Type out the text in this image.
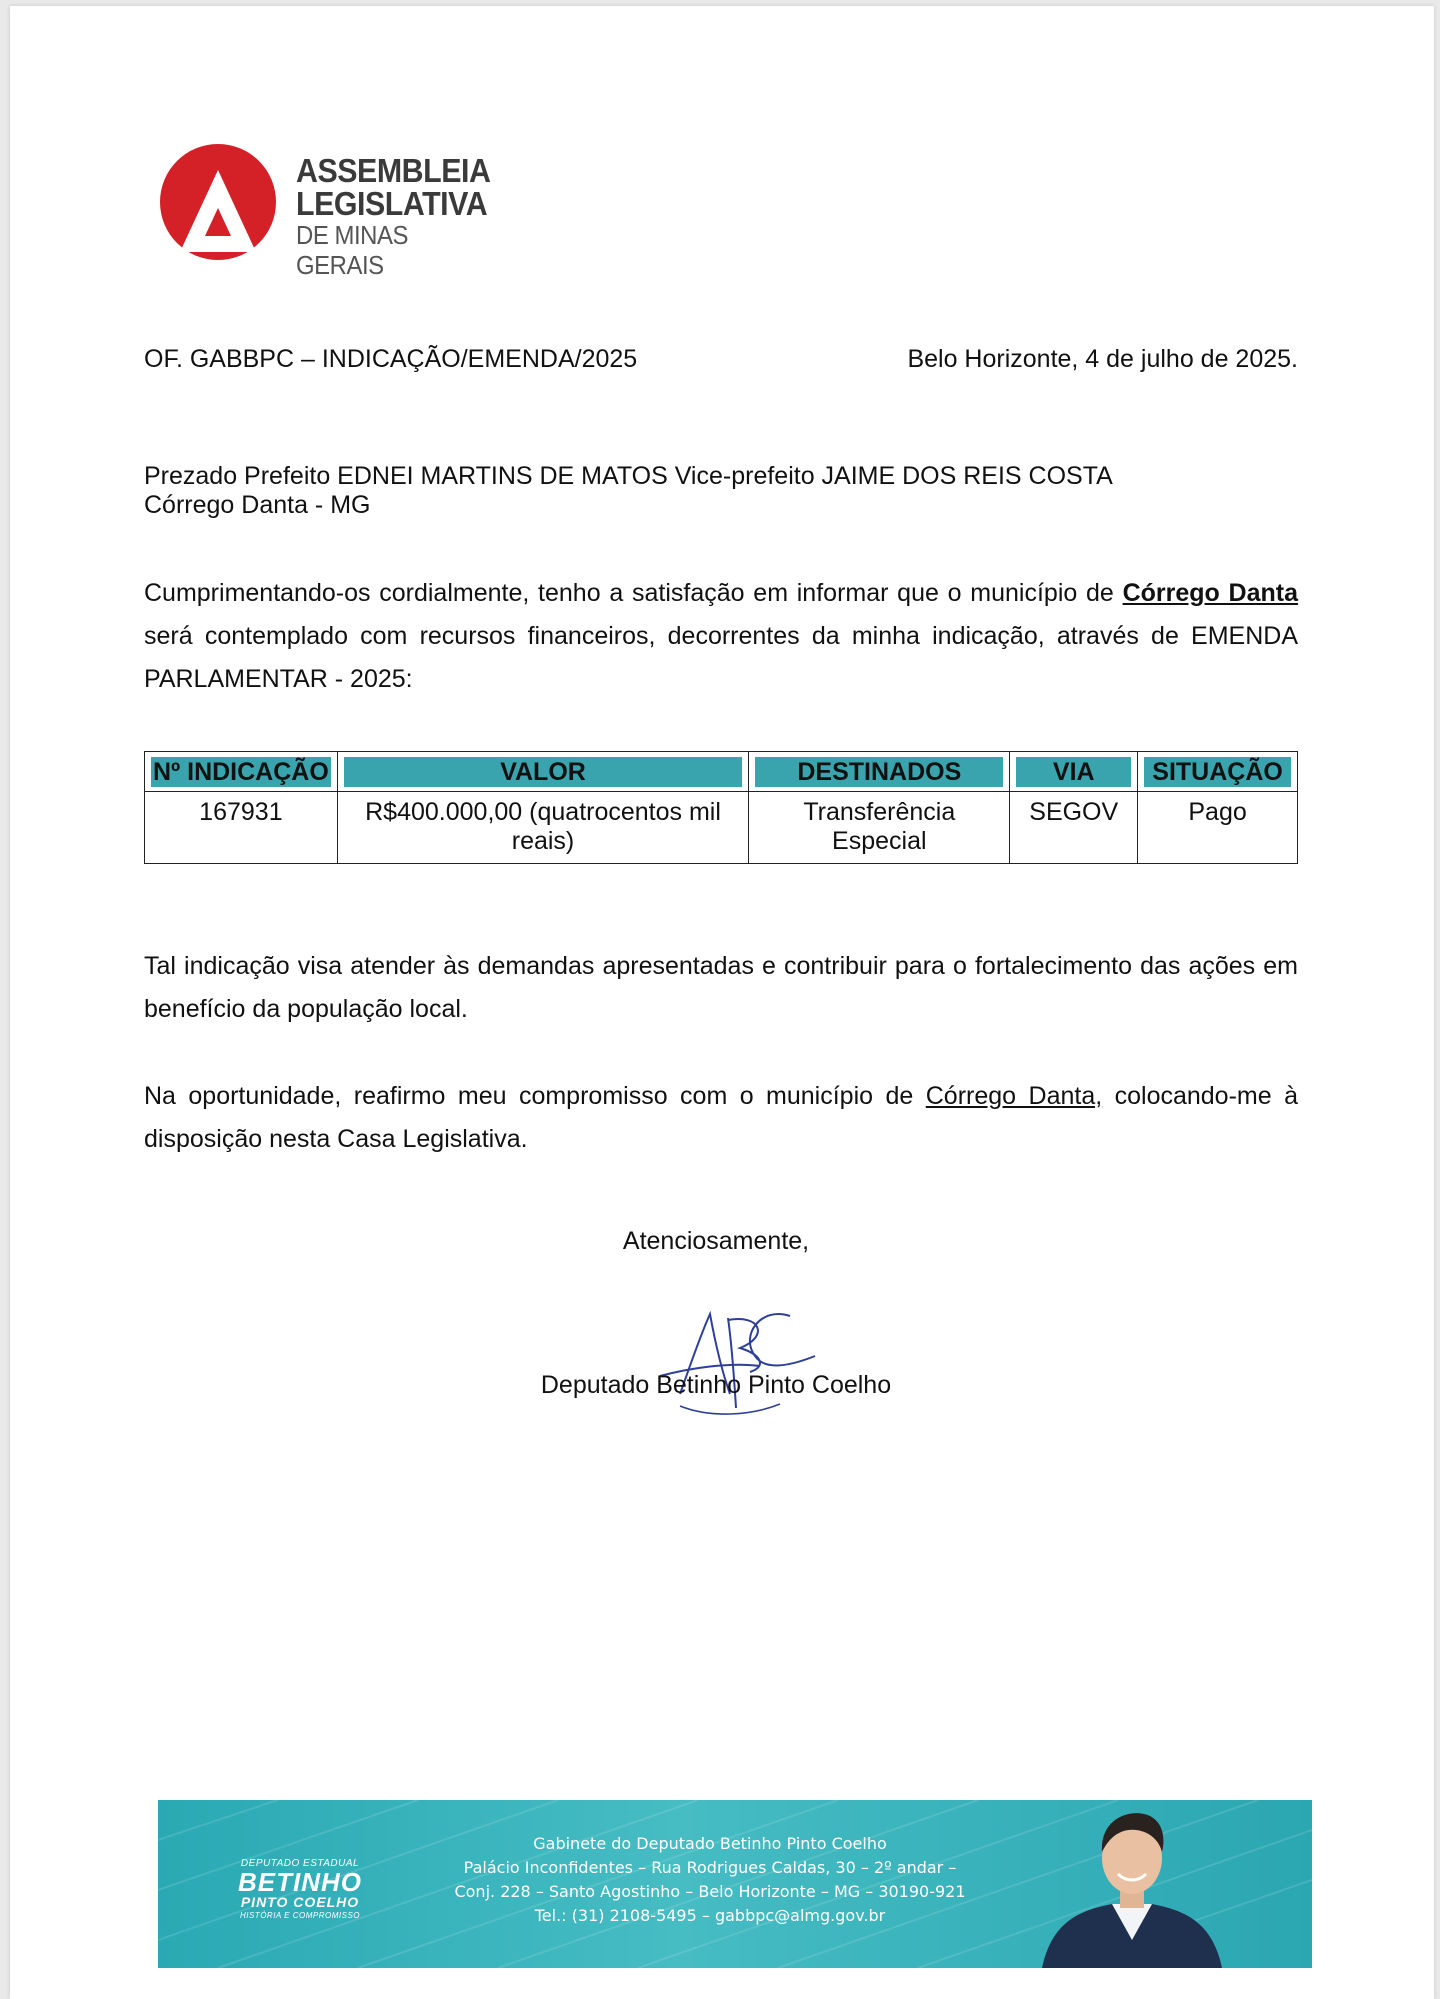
ASSEMBLEIA
LEGISLATIVA
DE MINAS GERAIS
OF. GABBPC – INDICAÇÃO/EMENDA/2025	Belo Horizonte, 4 de julho de 2025.
Prezado Prefeito EDNEI MARTINS DE MATOS Vice-prefeito JAIME DOS REIS COSTA
Córrego Danta - MG
Cumprimentando-os cordialmente, tenho a satisfação em informar que o município de Córrego Danta será contemplado com recursos financeiros, decorrentes da minha indicação, através de EMENDA PARLAMENTAR - 2025:
Nº INDICAÇÃO	VALOR	DESTINADOS	VIA	SITUAÇÃO

167931	R$400.000,00 (quatrocentos mil reais)	Transferência Especial	SEGOV	Pago
Tal indicação visa atender às demandas apresentadas e contribuir para o fortalecimento das ações em benefício da população local.
Na oportunidade, reafirmo meu compromisso com o município de Córrego Danta, colocando-me à disposição nesta Casa Legislativa.
Atenciosamente,
Deputado Betinho Pinto Coelho
DEPUTADO ESTADUAL
BETINHO
PINTO COELHO
HISTÓRIA E COMPROMISSO
Gabinete do Deputado Betinho Pinto Coelho
Palácio Inconfidentes – Rua Rodrigues Caldas, 30 – 2º andar –
Conj. 228 – Santo Agostinho – Belo Horizonte – MG – 30190-921
Tel.: (31) 2108-5495 – gabbpc@almg.gov.br
